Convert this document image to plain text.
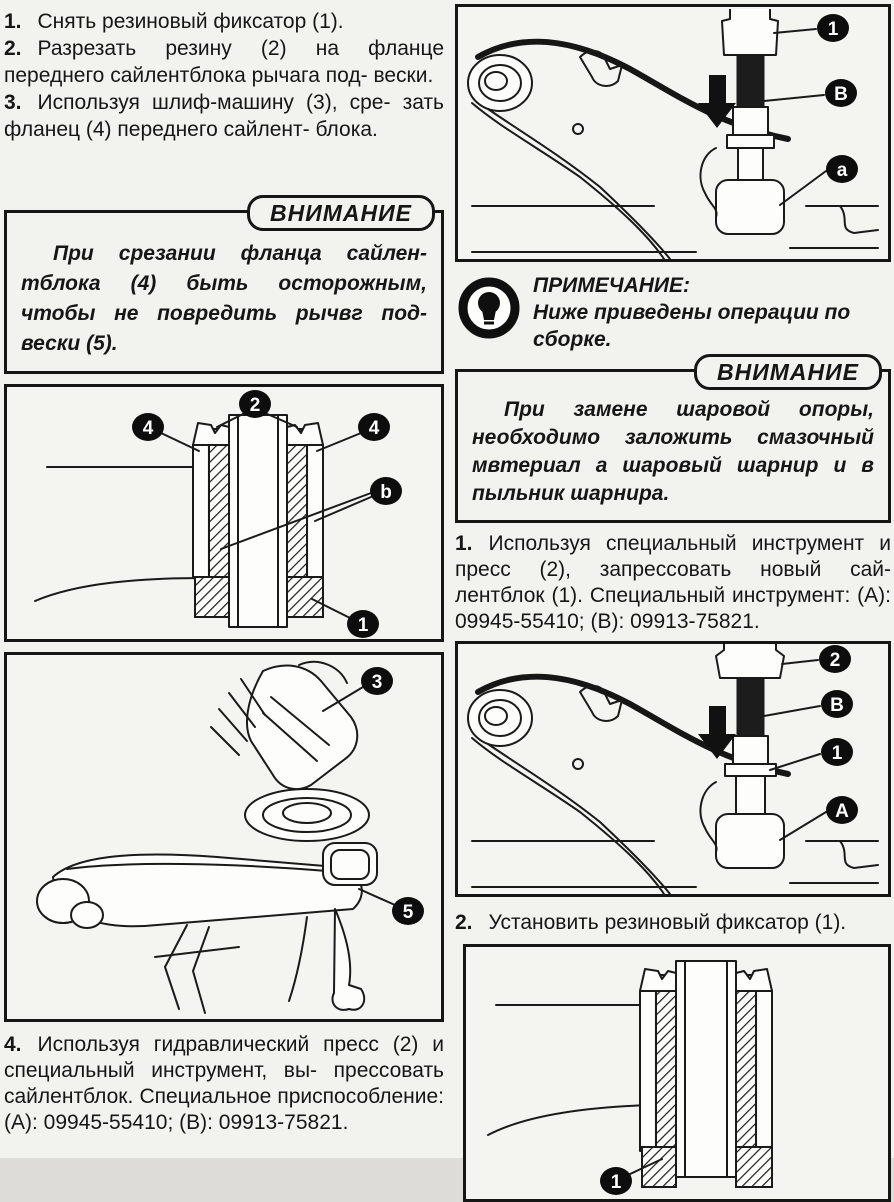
1. Снять резиновый фиксатор (1).

2. Разрезать резину (2) на фланце переднего сайлентблока рычага под- вески.

3. Используя шлиф-машину (3), сре- зать фланец (4) переднего сайлент- блока.

ВНИМАНИЕ

При срезании фланца сайлен- тблока (4) быть осторожным, чтобы не повредить рычвг под- вески (5).

2
4	4
b
1
3
5

4. Используя гидравлический пресс (2) и специальный инструмент, вы- прессовать сайлентблок. Специальное приспособление: (А): 09945-55410; (В): 09913-75821.

1
B
a

ПРИМЕЧАНИЕ:

Ниже приведены операции по сборке.

ВНИМАНИЕ

При замене шаровой опоры, необходимо заложить смазочный мвтериал а шаровый шарнир и в пыльник шарнира.

1. Используя специальный инструмент и пресс (2), запрессовать новый сай- лентблок (1). Специальный инструмент: (А): 09945-55410; (В): 09913-75821.

2
B
1
A

2. Установить резиновый фиксатор (1).

1
